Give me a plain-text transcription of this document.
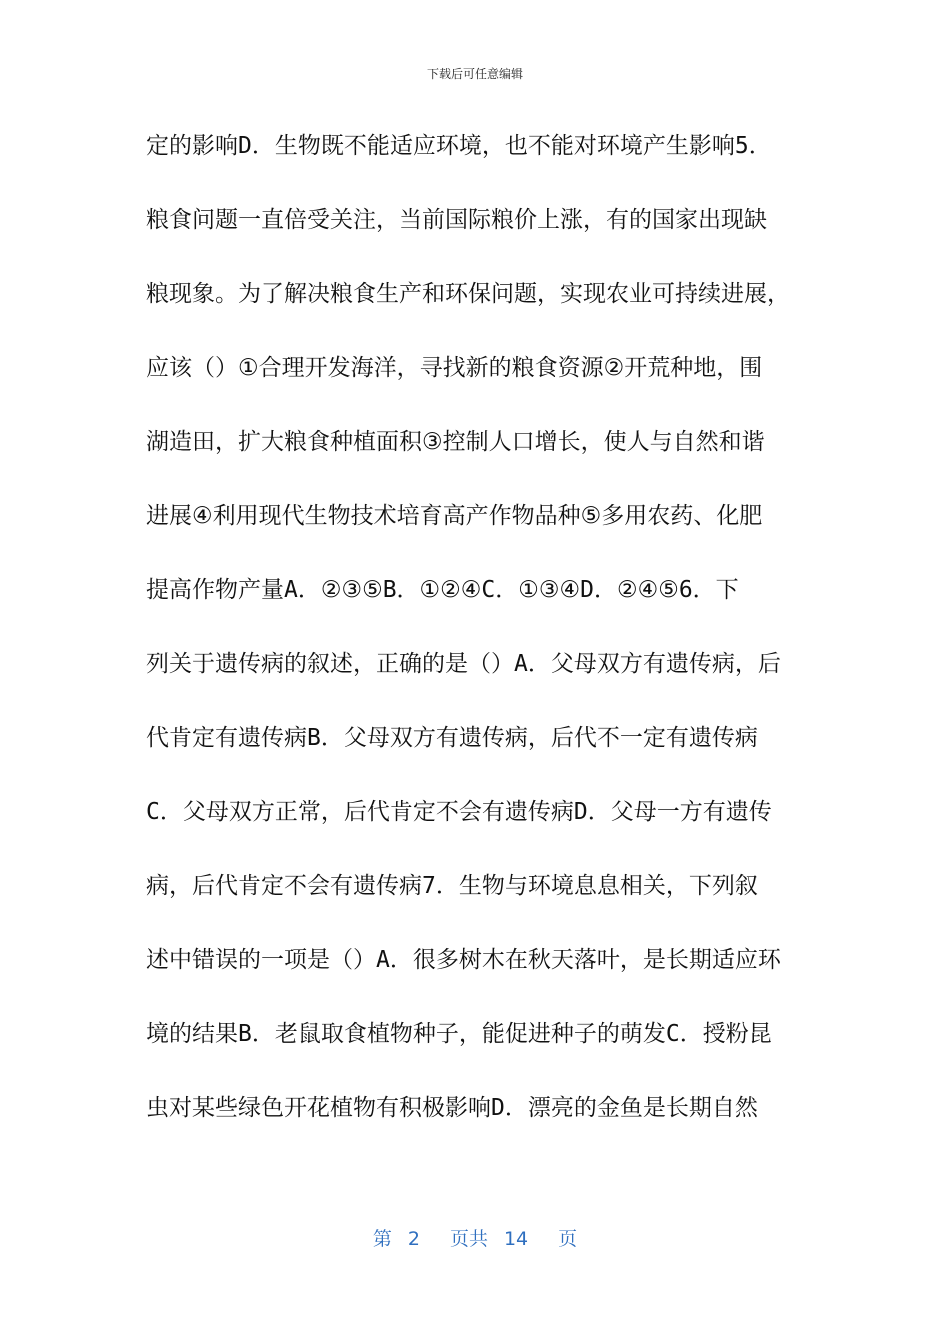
下载后可任意编辑
定的影响D．生物既不能适应环境，也不能对环境产生影响5．
粮食问题一直倍受关注，当前国际粮价上涨，有的国家出现缺
粮现象。为了解决粮食生产和环保问题，实现农业可持续进展，
应该（）①合理开发海洋，寻找新的粮食资源②开荒种地，围
湖造田，扩大粮食种植面积③控制人口增长，使人与自然和谐
进展④利用现代生物技术培育高产作物品种⑤多用农药、化肥
提高作物产量A．②③⑤B．①②④C．①③④D．②④⑤6．下
列关于遗传病的叙述，正确的是（）A．父母双方有遗传病，后
代肯定有遗传病B．父母双方有遗传病，后代不一定有遗传病
C．父母双方正常，后代肯定不会有遗传病D．父母一方有遗传
病，后代肯定不会有遗传病7．生物与环境息息相关，下列叙
述中错误的一项是（）A．很多树木在秋天落叶，是长期适应环
境的结果B．老鼠取食植物种子，能促进种子的萌发C．授粉昆
虫对某些绿色开花植物有积极影响D．漂亮的金鱼是长期自然
第 2 页共 14 页
